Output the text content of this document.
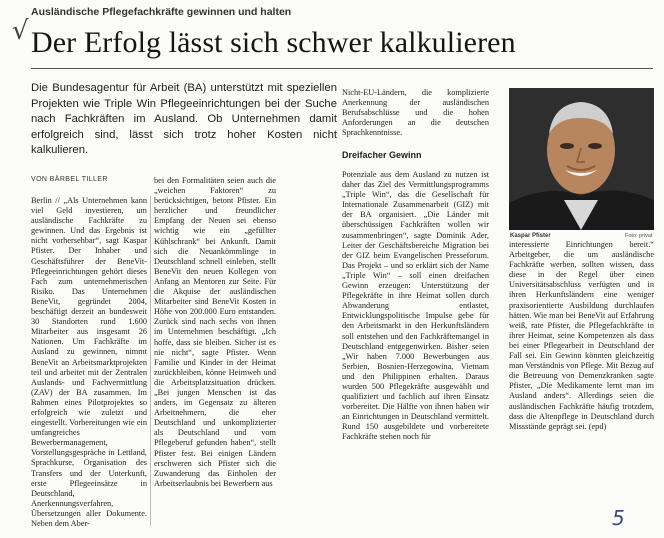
Ausländische Pflegefachkräfte gewinnen und halten
√ Der Erfolg lässt sich schwer kalkulieren
Die Bundesagentur für Arbeit (BA) unterstützt mit speziellen Projekten wie Triple Win Pflegeeinrichtungen bei der Suche nach Fachkräften im Ausland. Ob Unternehmen damit erfolgreich sind, lässt sich trotz hoher Kosten nicht kalkulieren.
VON BÄRBEL TILLER

Berlin // „Als Unternehmen kann viel Geld investieren, um ausländische Fachkräfte zu gewinnen. Und das Ergebnis ist nicht vorhersehbar“, sagt Kaspar Pfister. Der Inhaber und Geschäftsführer der BeneVit-Pflegeeinrichtungen gehört dieses Fach zum unternehmerischen Risiko. Das Unternehmen BeneVit, gegründet 2004, beschäftigt derzeit an bundesweit 30 Standorten rund 1.600 Mitarbeiter aus insgesamt 26 Nationen. Um Fachkräfte im Ausland zu gewinnen, nimmt BeneVit an Arbeitsmarktprojekten teil und arbeitet mit der Zentralen Auslands- und Fachvermittlung (ZAV) der BA zusammen. Im Rahmen eines Pilotprojektes so erfolgreich wie zuletzt und eingestellt. Vorbereitungen wie ein umfangreiches Bewerbermanagement, Vorstellungsgespräche in Lettland, Sprachkurse, Organisation des Transfers und der Unterkunft, erste Pflegeeinsätze in Deutschland, Anerkennungsverfahren, Übersetzungen aller Dokumente. Neben dem Aber-

bei den Formalitäten seien auch die „weichen Faktoren“ zu berücksichtigen, betont Pfister. Ein herzlicher und freundlicher Empfang der Neuen sei ebenso wichtig wie ein „gefüllter Kühlschrank“ bei Ankunft. Damit sich die Neuankömmlinge in Deutschland schnell einleben, stellt BeneVit den neuen Kollegen von Anfang an Mentoren zur Seite. Für die Akquise der ausländischen Mitarbeiter sind BeneVit Kosten in Höhe von 200.000 Euro entstanden. Zurück sind nach sechs von ihnen im Unternehmen beschäftigt. „Ich hoffe, dass sie bleiben. Sicher ist es nie nicht“, sagte Pfister. Wenn Familie und Kinder in der Heimat zurückbleiben, könne Heimweh und die Arbeitsplatzsituation drücken. „Bei jungen Menschen ist das anders, im Gegensatz zu älteren Arbeitnehmern, die eher Deutschland und unkomplizierter als Deutschland und vom Pflegeberuf gefunden haben“, stellt Pfister fest. Bei einigen Ländern erschweren sich Pfister sich die Zuwanderung das Einholen der Arbeitserlaubnis bei Bewerbern aus

Nicht-EU-Ländern, die komplizierte Anerkennung der ausländischen Berufsabschlüsse und die hohen Anforderungen an die deutschen Sprachkenntnisse.

Dreifacher Gewinn

Potenziale aus dem Ausland zu nutzen ist daher das Ziel des Vermittlungsprogramms „Triple Win“, das die Gesellschaft für Internationale Zusammenarbeit (GIZ) mit der BA organisiert. „Die Länder mit überschüssigen Fachkräften wollen wir zusammenbringen“, sagte Dominik Ader, Leiter der Geschäftsbereiche Migration bei der GIZ beim Evangelischen Presseforum. Das Projekt – und so erklärt sich der Name „Triple Win“ – soll einen dreifachen Gewinn erzeugen: Unterstützung der Pflegekräfte in ihre Heimat sollen durch Abwanderung entlastet, Entwicklungspolitische Impulse gebe für den Arbeitsmarkt in den Herkunftsländern soll entstehen und den Fachkräftemangel in Deutschland entgegenwirken. Bisher seien „Wir haben 7.000 Bewerbungen aus Serbien, Bosnien-Herzegowina, Vietnam und den Philippinen erhalten. Daraus wurden 500 Pflegekräfte ausgewählt und qualifiziert und fachlich auf ihren Einsatz vorbereitet. Die Hälfte von ihnen haben wir an Einrichtungen in Deutschland vermittelt. Rund 150 ausgebildete und vorbereitete Fachkräfte stehen noch für

Kaspar Pfister	Foto: privat

interessierte Einrichtungen bereit.“ Arbeitgeber, die um ausländische Fachkräfte werben, sollten wissen, dass diese in der Regel über einen Universitätsabschluss verfügten und in ihren Herkunftsländern eine weniger praxisorientierte Ausbildung durchlaufen hätten. Wie man bei BeneVit auf Erfahrung weiß, rate Pfister, die Pflegefachkräfte in ihrer Heimat, seine Kompetenzen als dass bei einer Pflegearbeit in Deutschland der Fall sei. Ein Gewinn könnten gleichzeitig man Verständnis von Pflege. Mit Bezug auf die Betreuung von Demenzkranken sagte Pfister, „Die Medikamente lernt man im Ausland anders“. Allerdings seien die ausländischen Fachkräfte häufig trotzdem, dass die Altenpflege in Deutschland durch Missstände geprägt sei. (epd)

5
